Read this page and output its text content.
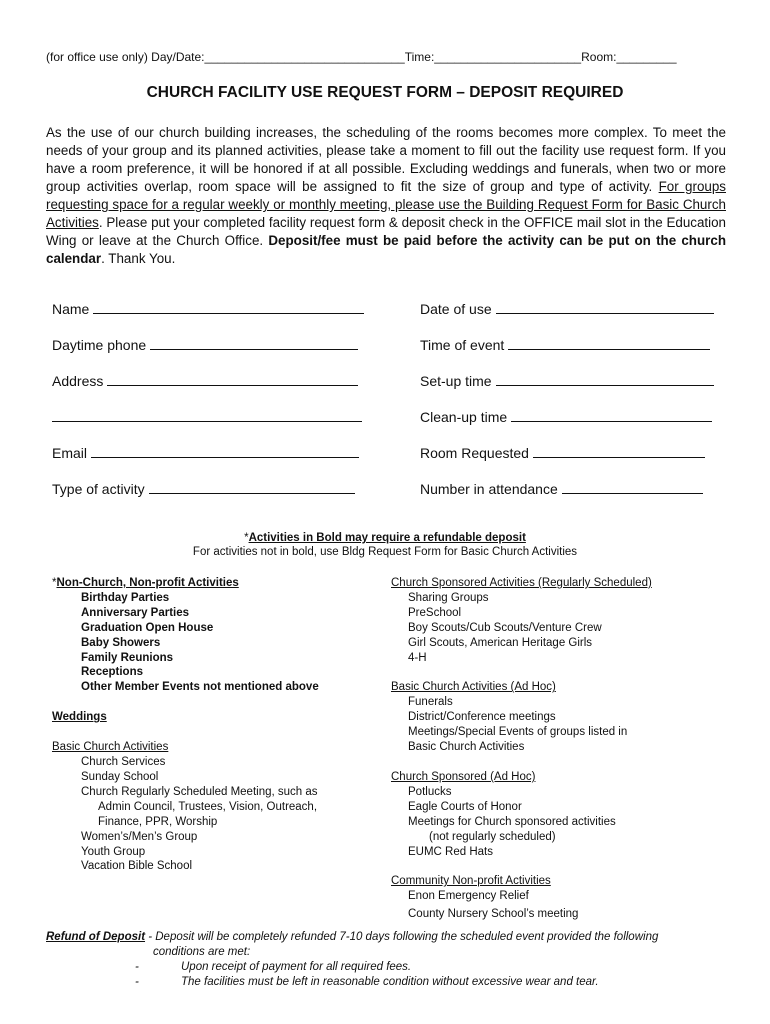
(for office use only) Day/Date:______________________________Time:______________________Room:_________
CHURCH FACILITY USE REQUEST FORM – DEPOSIT REQUIRED
As the use of our church building increases, the scheduling of the rooms becomes more complex. To meet the needs of your group and its planned activities, please take a moment to fill out the facility use request form. If you have a room preference, it will be honored if at all possible. Excluding weddings and funerals, when two or more group activities overlap, room space will be assigned to fit the size of group and type of activity. For groups requesting space for a regular weekly or monthly meeting, please use the Building Request Form for Basic Church Activities. Please put your completed facility request form & deposit check in the OFFICE mail slot in the Education Wing or leave at the Church Office. Deposit/fee must be paid before the activity can be put on the church calendar. Thank You.
Name
Daytime phone
Address
Email
Type of activity
Date of use
Time of event
Set-up time
Clean-up time
Room Requested
Number in attendance
*Activities in Bold may require a refundable deposit
For activities not in bold, use Bldg Request Form for Basic Church Activities
*Non-Church, Non-profit Activities
Birthday Parties
Anniversary Parties
Graduation Open House
Baby Showers
Family Reunions
Receptions
Other Member Events not mentioned above
Weddings
Basic Church Activities
Church Services
Sunday School
Church Regularly Scheduled Meeting, such as
Admin Council, Trustees, Vision, Outreach,
Finance, PPR, Worship
Women’s/Men’s Group
Youth Group
Vacation Bible School
Church Sponsored Activities (Regularly Scheduled)
Sharing Groups
PreSchool
Boy Scouts/Cub Scouts/Venture Crew
Girl Scouts, American Heritage Girls
4-H
Basic Church Activities (Ad Hoc)
Funerals
District/Conference meetings
Meetings/Special Events of groups listed in
Basic Church Activities
Church Sponsored (Ad Hoc)
Potlucks
Eagle Courts of Honor
Meetings for Church sponsored activities
(not regularly scheduled)
EUMC Red Hats
Community Non-profit Activities
Enon Emergency Relief
County Nursery School’s meeting
Refund of Deposit - Deposit will be completely refunded 7-10 days following the scheduled event provided the following
conditions are met:
-	Upon receipt of payment for all required fees.
-	The facilities must be left in reasonable condition without excessive wear and tear.
